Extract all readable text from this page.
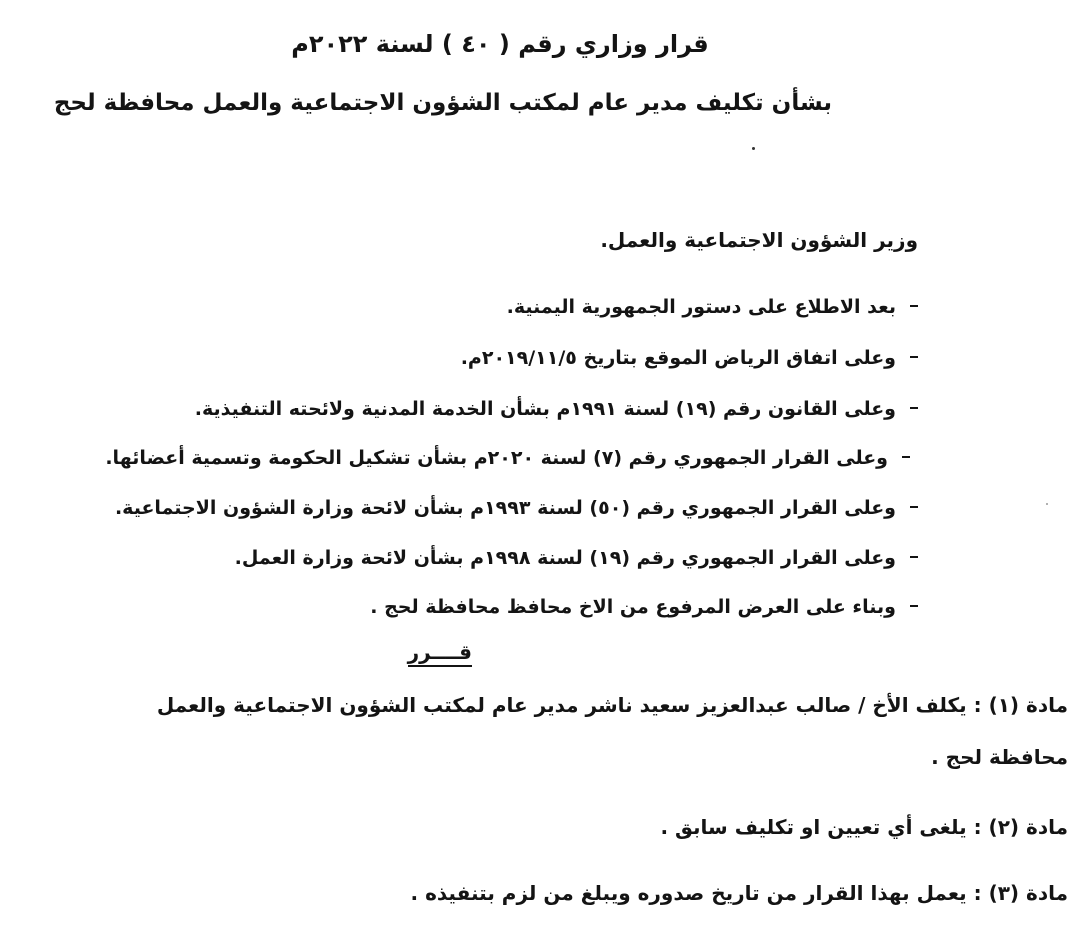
قرار وزاري رقم ( ٤٠ ) لسنة ٢٠٢٢م
بشأن تكليف مدير عام لمكتب الشؤون الاجتماعية والعمل محافظة لحج
وزير الشؤون الاجتماعية والعمل.
بعد الاطلاع على دستور الجمهورية اليمنية.
وعلى اتفاق الرياض الموقع بتاريخ ٢٠١٩/١١/٥م.
وعلى القانون رقم (١٩) لسنة ١٩٩١م بشأن الخدمة المدنية ولائحته التنفيذية.
وعلى القرار الجمهوري رقم (٧) لسنة ٢٠٢٠م بشأن تشكيل الحكومة وتسمية أعضائها.
وعلى القرار الجمهوري رقم (٥٠) لسنة ١٩٩٣م بشأن لائحة وزارة الشؤون الاجتماعية.
وعلى القرار الجمهوري رقم (١٩) لسنة ١٩٩٨م بشأن لائحة وزارة العمل.
وبناء على العرض المرفوع من الاخ محافظ محافظة لحج .
قــــرر
مادة (١) : يكلف الأخ / صالب عبدالعزيز سعيد ناشر مدير عام لمكتب الشؤون الاجتماعية والعمل
محافظة لحج .
مادة (٢) : يلغى أي تعيين او تكليف سابق .
مادة (٣) : يعمل بهذا القرار من تاريخ صدوره ويبلغ من لزم بتنفيذه .
